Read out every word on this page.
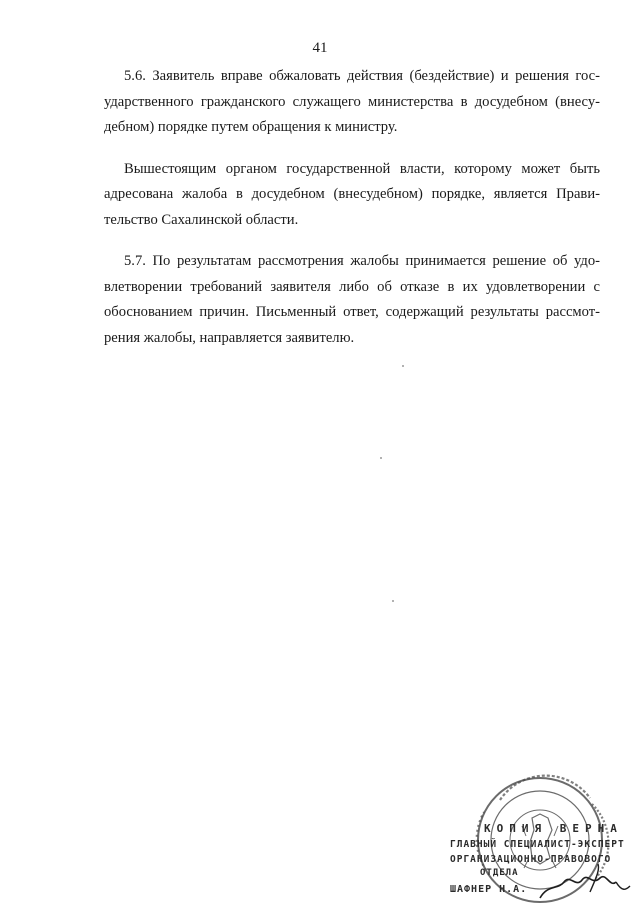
41

5.6. Заявитель вправе обжаловать действия (бездействие) и решения гос-
ударственного гражданского служащего министерства в досудебном (внесу-
дебном) порядке путем обращения к министру.

Вышестоящим органом государственной власти, которому может быть
адресована жалоба в досудебном (внесудебном) порядке, является Прави-
тельство Сахалинской области.

5.7. По результатам рассмотрения жалобы принимается решение об удо-
влетворении требований заявителя либо об отказе в их удовлетворении с
обоснованием причин. Письменный ответ, содержащий результаты рассмот-
рения жалобы, направляется заявителю.

КОПИЯ ВЕРНА
ГЛАВНЫЙ СПЕЦИАЛИСТ-ЭКСПЕРТ
ОРГАНИЗАЦИОННО-ПРАВОВОГО
ОТДЕЛА
ШАФНЕР Н.А.
